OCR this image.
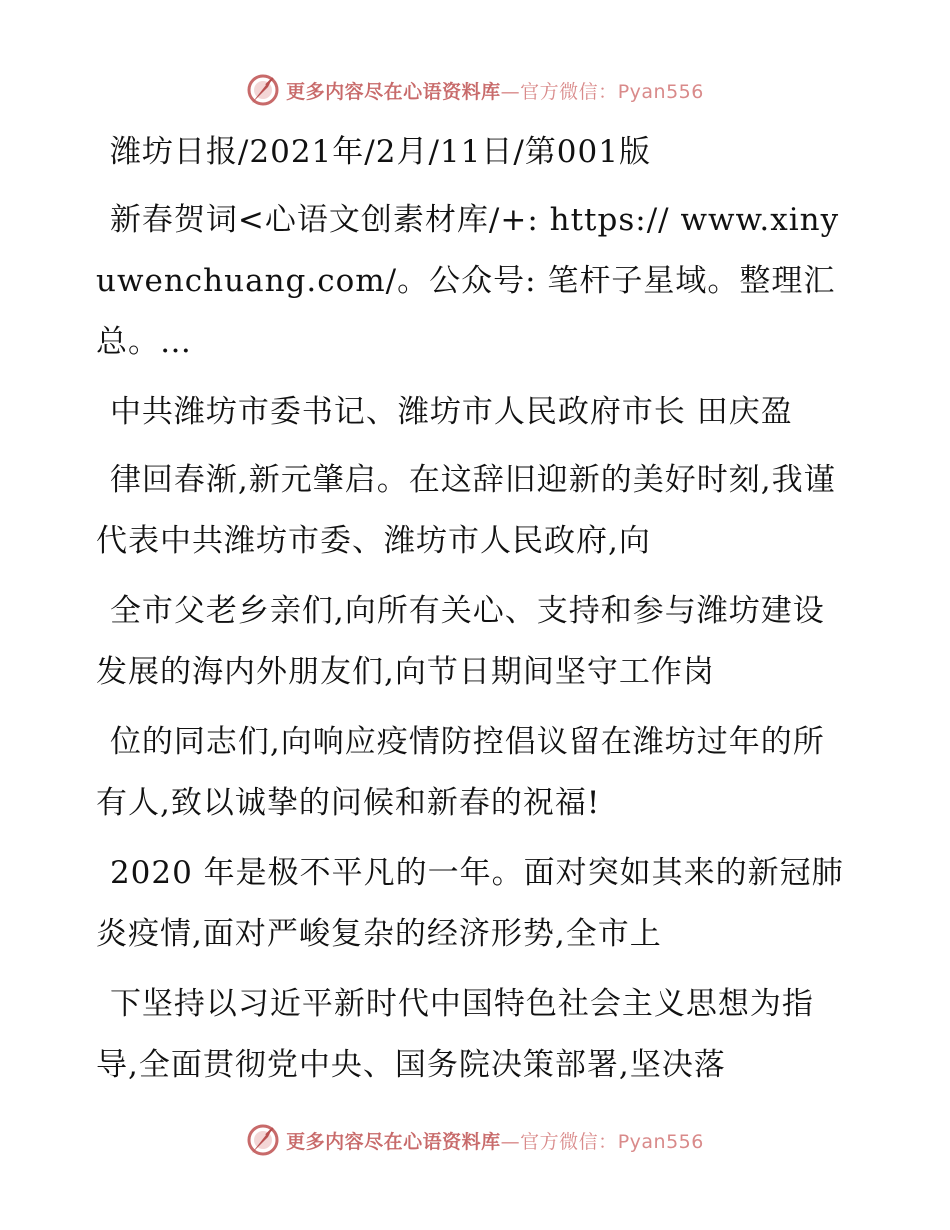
更多内容尽在心语资料库—官方微信：Pyan556

潍坊日报/2021年/2月/11日/第001版

新春贺词<心语文创素材库/+: https:// www.xinyuwenchuang.com/。公众号: 笔杆子星域。整理汇总。…

中共潍坊市委书记、潍坊市人民政府市长 田庆盈

律回春渐,新元肇启。在这辞旧迎新的美好时刻,我谨代表中共潍坊市委、潍坊市人民政府,向

全市父老乡亲们,向所有关心、支持和参与潍坊建设发展的海内外朋友们,向节日期间坚守工作岗

位的同志们,向响应疫情防控倡议留在潍坊过年的所有人,致以诚挚的问候和新春的祝福!

2020 年是极不平凡的一年。面对突如其来的新冠肺炎疫情,面对严峻复杂的经济形势,全市上

下坚持以习近平新时代中国特色社会主义思想为指导,全面贯彻党中央、国务院决策部署,坚决落

更多内容尽在心语资料库—官方微信：Pyan556
